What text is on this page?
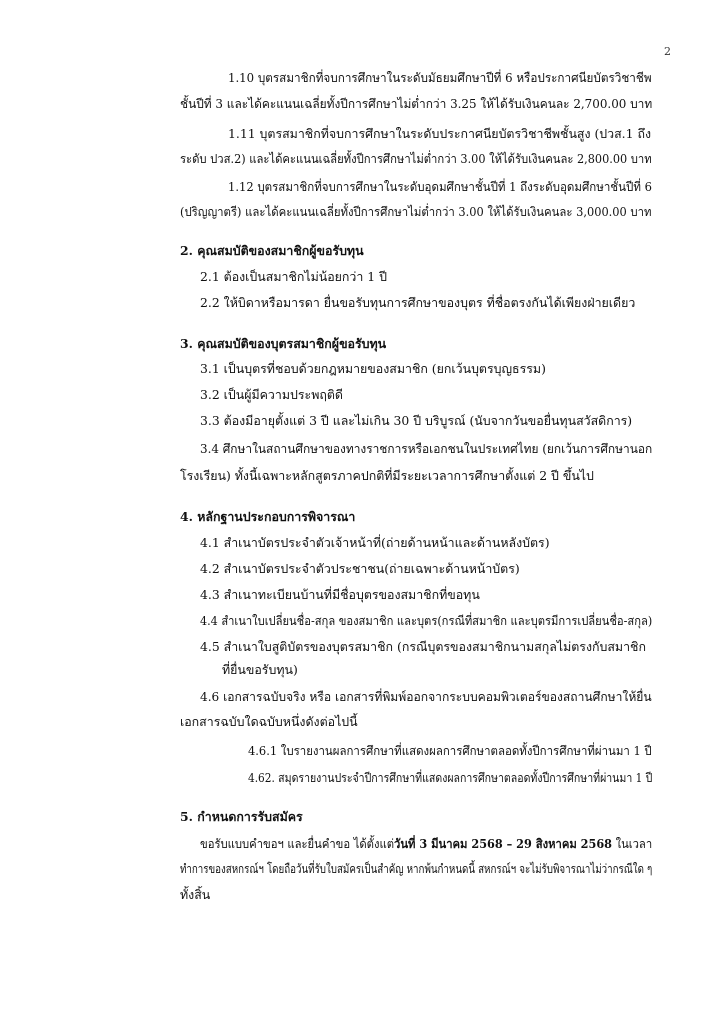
2
1.10 บุตรสมาชิกที่จบการศึกษาในระดับมัธยมศึกษาปีที่ 6 หรือประกาศนียบัตรวิชาชีพ
ชั้นปีที่ 3 และได้คะแนนเฉลี่ยทั้งปีการศึกษาไม่ต่ำกว่า 3.25 ให้ได้รับเงินคนละ 2,700.00 บาท
1.11 บุตรสมาชิกที่จบการศึกษาในระดับประกาศนียบัตรวิชาชีพชั้นสูง (ปวส.1 ถึง
ระดับ ปวส.2) และได้คะแนนเฉลี่ยทั้งปีการศึกษาไม่ต่ำกว่า 3.00 ให้ได้รับเงินคนละ 2,800.00 บาท
1.12 บุตรสมาชิกที่จบการศึกษาในระดับอุดมศึกษาชั้นปีที่ 1 ถึงระดับอุดมศึกษาชั้นปีที่ 6
(ปริญญาตรี) และได้คะแนนเฉลี่ยทั้งปีการศึกษาไม่ต่ำกว่า 3.00 ให้ได้รับเงินคนละ 3,000.00 บาท
2. คุณสมบัติของสมาชิกผู้ขอรับทุน
2.1 ต้องเป็นสมาชิกไม่น้อยกว่า 1 ปี
2.2 ให้บิดาหรือมารดา ยื่นขอรับทุนการศึกษาของบุตร ที่ชื่อตรงกันได้เพียงฝ่ายเดียว
3. คุณสมบัติของบุตรสมาชิกผู้ขอรับทุน
3.1 เป็นบุตรที่ชอบด้วยกฎหมายของสมาชิก (ยกเว้นบุตรบุญธรรม)
3.2 เป็นผู้มีความประพฤติดี
3.3 ต้องมีอายุตั้งแต่ 3 ปี และไม่เกิน 30 ปี บริบูรณ์ (นับจากวันขอยื่นทุนสวัสดิการ)
3.4 ศึกษาในสถานศึกษาของทางราชการหรือเอกชนในประเทศไทย (ยกเว้นการศึกษานอก
โรงเรียน) ทั้งนี้เฉพาะหลักสูตรภาคปกติที่มีระยะเวลาการศึกษาตั้งแต่ 2 ปี ขึ้นไป
4. หลักฐานประกอบการพิจารณา
4.1 สำเนาบัตรประจำตัวเจ้าหน้าที่(ถ่ายด้านหน้าและด้านหลังบัตร)
4.2 สำเนาบัตรประจำตัวประชาชน(ถ่ายเฉพาะด้านหน้าบัตร)
4.3 สำเนาทะเบียนบ้านที่มีชื่อบุตรของสมาชิกที่ขอทุน
4.4 สำเนาใบเปลี่ยนชื่อ-สกุล ของสมาชิก และบุตร(กรณีที่สมาชิก และบุตรมีการเปลี่ยนชื่อ-สกุล)
4.5 สำเนาใบสูติบัตรของบุตรสมาชิก (กรณีบุตรของสมาชิกนามสกุลไม่ตรงกับสมาชิก
ที่ยื่นขอรับทุน)
4.6 เอกสารฉบับจริง หรือ เอกสารที่พิมพ์ออกจากระบบคอมพิวเตอร์ของสถานศึกษาให้ยื่น
เอกสารฉบับใดฉบับหนึ่งดังต่อไปนี้
4.6.1 ใบรายงานผลการศึกษาที่แสดงผลการศึกษาตลอดทั้งปีการศึกษาที่ผ่านมา 1 ปี
4.62. สมุดรายงานประจำปีการศึกษาที่แสดงผลการศึกษาตลอดทั้งปีการศึกษาที่ผ่านมา 1 ปี
5. กำหนดการรับสมัคร
ขอรับแบบคำขอฯ และยื่นคำขอ ได้ตั้งแต่วันที่ 3 มีนาคม 2568 – 29 สิงหาคม 2568 ในเวลา
ทำการของสหกรณ์ฯ โดยถือวันที่รับใบสมัครเป็นสำคัญ หากพ้นกำหนดนี้ สหกรณ์ฯ จะไม่รับพิจารณาไม่ว่ากรณีใด ๆ
ทั้งสิ้น
